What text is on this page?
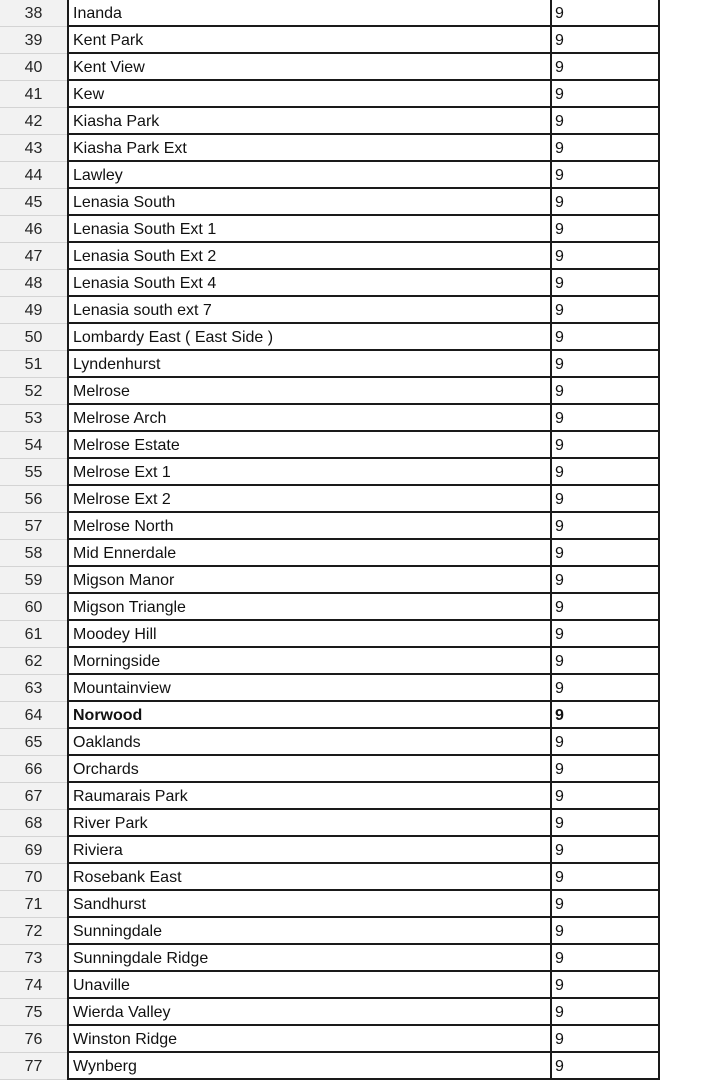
38	Inanda	9
39	Kent Park	9
40	Kent View	9
41	Kew	9
42	Kiasha Park	9
43	Kiasha Park Ext	9
44	Lawley	9
45	Lenasia South	9
46	Lenasia South Ext 1	9
47	Lenasia South Ext 2	9
48	Lenasia South Ext 4	9
49	Lenasia south ext 7	9
50	Lombardy East ( East Side )	9
51	Lyndenhurst	9
52	Melrose	9
53	Melrose Arch	9
54	Melrose Estate	9
55	Melrose Ext 1	9
56	Melrose Ext 2	9
57	Melrose North	9
58	Mid Ennerdale	9
59	Migson Manor	9
60	Migson Triangle	9
61	Moodey Hill	9
62	Morningside	9
63	Mountainview	9
64	Norwood	9
65	Oaklands	9
66	Orchards	9
67	Raumarais Park	9
68	River Park	9
69	Riviera	9
70	Rosebank East	9
71	Sandhurst	9
72	Sunningdale	9
73	Sunningdale Ridge	9
74	Unaville	9
75	Wierda Valley	9
76	Winston Ridge	9
77	Wynberg	9
